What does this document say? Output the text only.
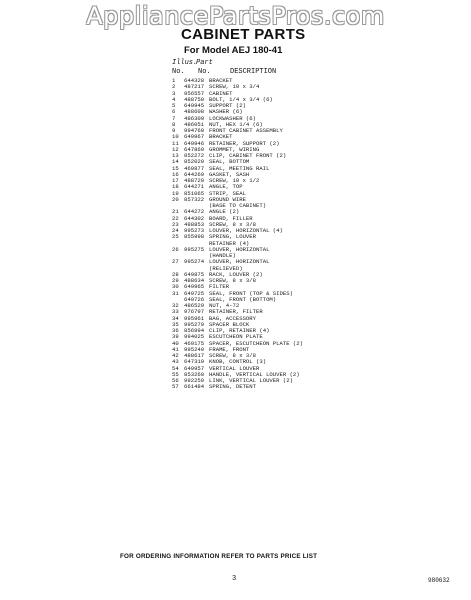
AppliancePartsPros.com
CABINET PARTS
For Model AEJ 180-41
Illus.
Part
No. No.	DESCRIPTION
1	644328 BRACKET
2	487217 SCREW, 10 x 3/4
3	956557 CABINET
4	488750 BOLT, 1/4 x 3/4 (6)
5	649945 SUPPORT (2)
6	488608 WASHER (6)
7	486309 LOCKWASHER (6)
8	486051 NUT, HEX 1/4 (6)
9	994760 FRONT CABINET ASSEMBLY
10 649967 BRACKET
11 649946 RETAINER, SUPPORT (2)
12 647869 GROMMET, WIRING
13 852272 CLIP, CABINET FRONT (2)
14 852020 SEAL, BOTTOM
15 469877 SEAL, MEETING RAIL
16 644269 GASKET, SASH
17 488720 SCREW, 10 x 1/2
18 644271 ANGLE, TOP
19 851065 STRIP, SEAL
20 857322 GROUND WIRE
(BASE TO CABINET)
21 644272 ANGLE (2)
22 644302 BOARD, FILLER
23 488853 SCREW, 8 x 3/8
24 995273 LOUVER, HORIZONTAL (4)
25 855998 SPRING, LOUVER
RETAINER (4)
26 995275 LOUVER, HORIZONTAL
(HANDLE)
27 995274 LOUVER, HORIZONTAL
(RELIEVED)
28 649875 RACK, LOUVER (2)
29 488634 SCREW, 8 x 3/8
30 649965 FILTER
31 649725 SEAL, FRONT (TOP & SIDES)
649726 SEAL, FRONT (BOTTOM)
32 486529 NUT, 4-72
33 976797 RETAINER, FILTER
34 995961 BAG, ACCESSORY
35 995279 SPACER BLOCK
36 856994 CLIP, RETAINER (4)
39 994025 ESCUTCHEON PLATE
40 469175 SPACER, ESCUTCHEON PLATE (2)
41 995249 FRAME, FRONT
42 488617 SCREW, 8 x 3/8
43 647319 KNOB, CONTROL (3)
54 649957 VERTICAL LOUVER
55 853260 HANDLE, VERTICAL LOUVER (2)
56 992259 LINK, VERTICAL LOUVER (2)
57 661484 SPRING, DETENT
FOR ORDERING INFORMATION REFER TO PARTS PRICE LIST
3	980632
